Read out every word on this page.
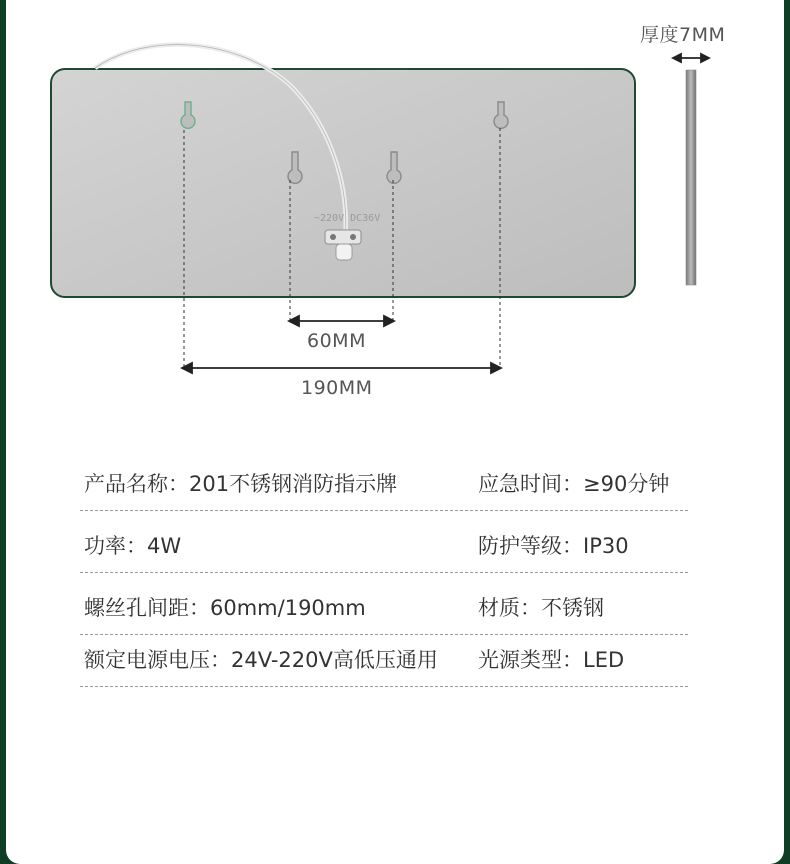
~220V DC36V
厚度7MM
60MM
190MM
产品名称：201不锈钢消防指示牌	应急时间：≥90分钟
功率：4W	防护等级：IP30
螺丝孔间距：60mm/190mm	材质：不锈钢
额定电源电压：24V-220V高低压通用 光源类型：LED
